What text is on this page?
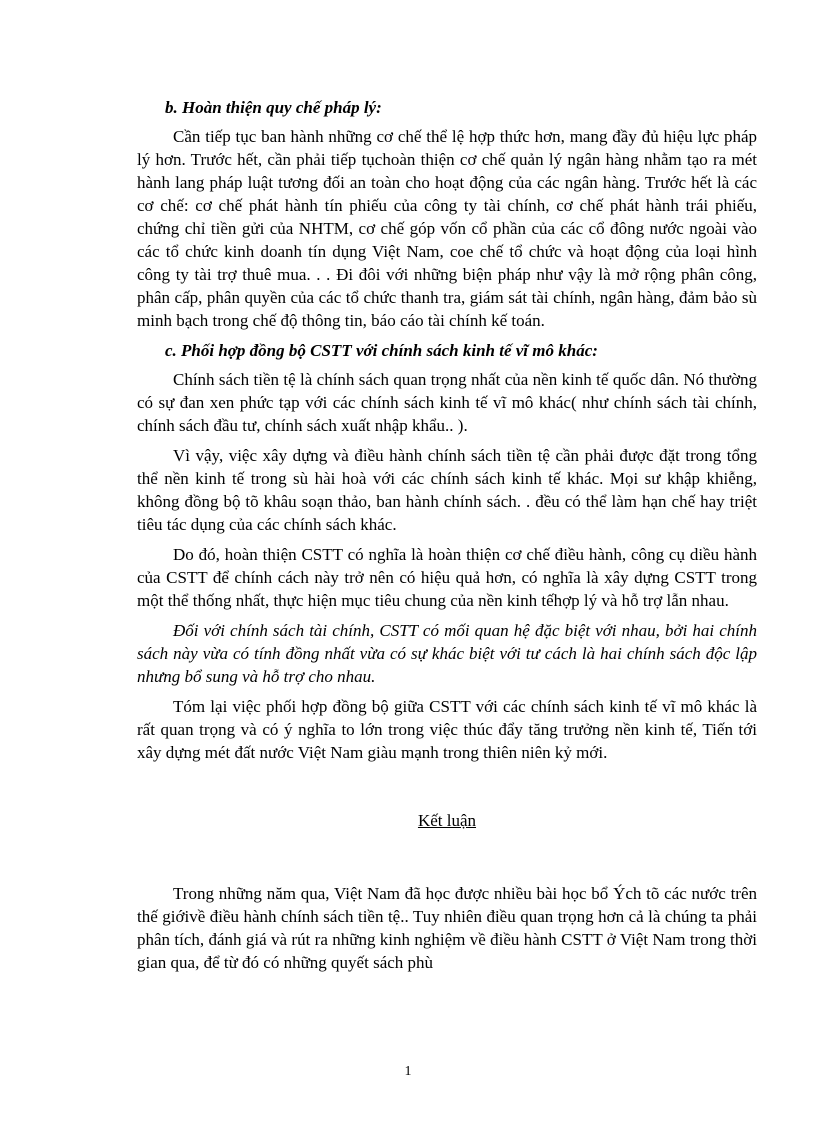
b. Hoàn thiện quy chế pháp lý:

Cần tiếp tục ban hành những cơ chế thể lệ hợp thức hơn, mang đầy đủ hiệu lực pháp lý hơn. Trước hết, cần phải tiếp tụchoàn thiện cơ chế quản lý ngân hàng nhằm tạo ra mét hành lang pháp luật tương đối an toàn cho hoạt động của các ngân hàng. Trước hết là các cơ chế: cơ chế phát hành tín phiếu của công ty tài chính, cơ chế phát hành trái phiếu, chứng chỉ tiền gửi của NHTM, cơ chế góp vốn cổ phần của các cổ đông nước ngoài vào các tổ chức kinh doanh tín dụng Việt Nam, coe chế tổ chức và hoạt động của loại hình công ty tài trợ thuê mua. . . Đi đôi với những biện pháp như vậy là mở rộng phân công, phân cấp, phân quyền của các tổ chức thanh tra, giám sát tài chính, ngân hàng, đảm bảo sù minh bạch trong chế độ thông tin, báo cáo tài chính kế toán.

c. Phối hợp đồng bộ CSTT với chính sách kinh tế vĩ mô khác:

Chính sách tiền tệ là chính sách quan trọng nhất của nền kinh tế quốc dân. Nó thường có sự đan xen phức tạp với các chính sách kinh tế vĩ mô khác( như chính sách tài chính, chính sách đầu tư, chính sách xuất nhập khẩu.. ).

Vì vậy, việc xây dựng và điều hành chính sách tiền tệ cần phải được đặt trong tổng thể nền kinh tế trong sù hài hoà với các chính sách kinh tế khác. Mọi sư khập khiễng, không đồng bộ tõ khâu soạn thảo, ban hành chính sách. . đều có thể làm hạn chế hay triệt tiêu tác dụng của các chính sách khác.

Do đó, hoàn thiện CSTT có nghĩa là hoàn thiện cơ chế điều hành, công cụ diều hành của CSTT để chính cách này trở nên có hiệu quả hơn, có nghĩa là xây dựng CSTT trong một thể thống nhất, thực hiện mục tiêu chung của nền kinh tếhợp lý và hỗ trợ lẫn nhau.

Đối với chính sách tài chính, CSTT có mối quan hệ đặc biệt với nhau, bởi hai chính sách này vừa có tính đồng nhất vừa có sự khác biệt với tư cách là hai chính sách độc lập nhưng bổ sung và hỗ trợ cho nhau.

Tóm lại việc phối hợp đồng bộ giữa CSTT với các chính sách kinh tế vĩ mô khác là rất quan trọng và có ý nghĩa to lớn trong việc thúc đẩy tăng trưởng nền kinh tế, Tiến tới xây dựng mét đất nước Việt Nam giàu mạnh trong thiên niên kỷ mới.

Kết luận

Trong những năm qua, Việt Nam đã học được nhiều bài học bổ Ých tõ các nước trên thế giớivề điều hành chính sách tiền tệ.. Tuy nhiên điều quan trọng hơn cả là chúng ta phải phân tích, đánh giá và rút ra những kinh nghiệm về điều hành CSTT ở Việt Nam trong thời gian qua, để từ đó có những quyết sách phù

1
